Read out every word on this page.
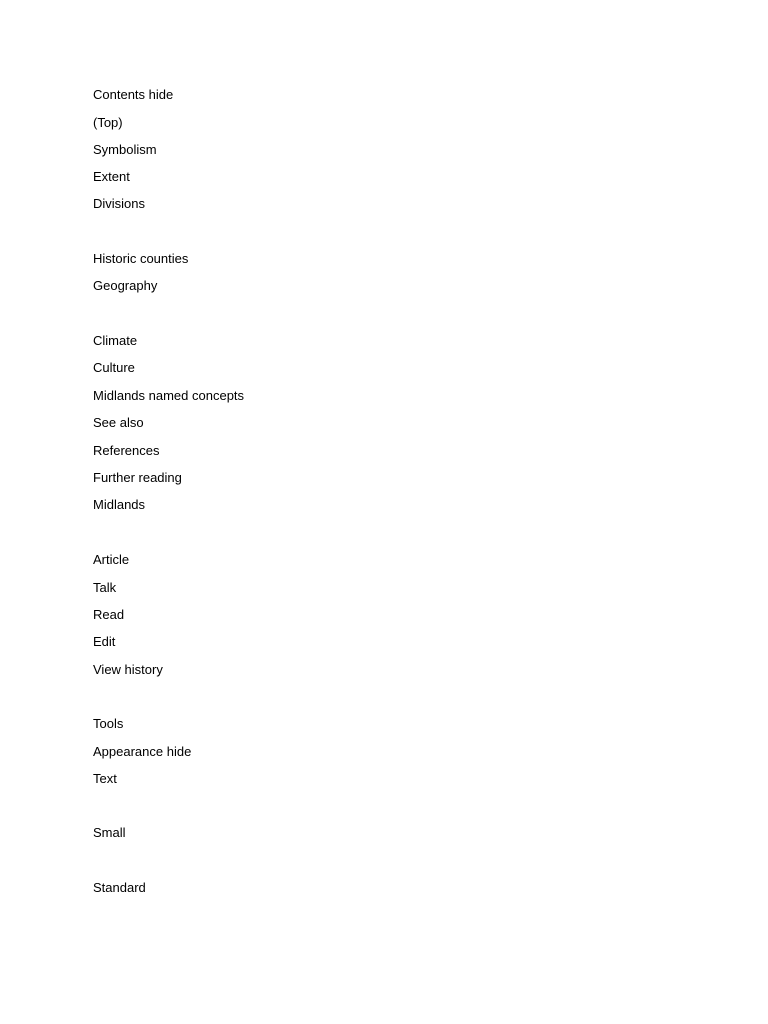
Contents hide
(Top)
Symbolism
Extent
Divisions
Historic counties
Geography
Climate
Culture
Midlands named concepts
See also
References
Further reading
Midlands
Article
Talk
Read
Edit
View history
Tools
Appearance hide
Text
Small
Standard
